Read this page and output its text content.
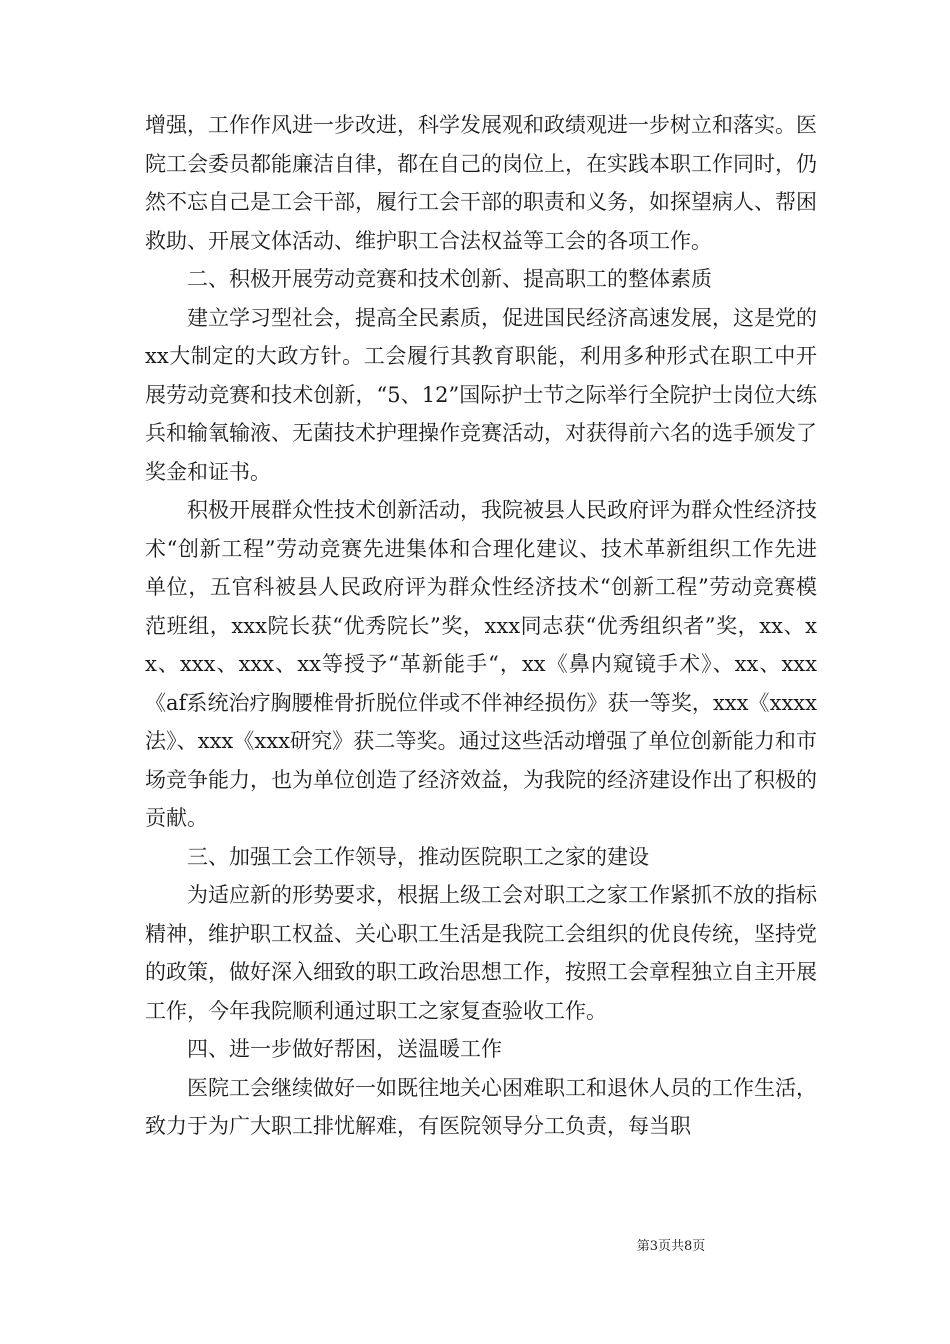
增强，工作作风进一步改进，科学发展观和政绩观进一步树立和落实。医院工会委员都能廉洁自律，都在自己的岗位上，在实践本职工作同时，仍然不忘自己是工会干部，履行工会干部的职责和义务，如探望病人、帮困救助、开展文体活动、维护职工合法权益等工会的各项工作。

二、积极开展劳动竞赛和技术创新、提高职工的整体素质

建立学习型社会，提高全民素质，促进国民经济高速发展，这是党的xx大制定的大政方针。工会履行其教育职能，利用多种形式在职工中开展劳动竞赛和技术创新，“5、12”国际护士节之际举行全院护士岗位大练兵和输氧输液、无菌技术护理操作竞赛活动，对获得前六名的选手颁发了奖金和证书。

积极开展群众性技术创新活动，我院被县人民政府评为群众性经济技术“创新工程”劳动竞赛先进集体和合理化建议、技术革新组织工作先进单位，五官科被县人民政府评为群众性经济技术“创新工程”劳动竞赛模范班组，xxx院长获“优秀院长”奖，xxx同志获“优秀组织者”奖，xx、xx、xxx、xxx、xx等授予“革新能手“，xx《鼻内窥镜手术》、xx、xxx《af系统治疗胸腰椎骨折脱位伴或不伴神经损伤》获一等奖，xxx《xxxx法》、xxx《xxx研究》获二等奖。通过这些活动增强了单位创新能力和市场竞争能力，也为单位创造了经济效益，为我院的经济建设作出了积极的贡献。

三、加强工会工作领导，推动医院职工之家的建设

为适应新的形势要求，根据上级工会对职工之家工作紧抓不放的指标精神，维护职工权益、关心职工生活是我院工会组织的优良传统，坚持党的政策，做好深入细致的职工政治思想工作，按照工会章程独立自主开展工作，今年我院顺利通过职工之家复查验收工作。

四、进一步做好帮困，送温暖工作

医院工会继续做好一如既往地关心困难职工和退休人员的工作生活，致力于为广大职工排忧解难，有医院领导分工负责，每当职

第3页共8页
